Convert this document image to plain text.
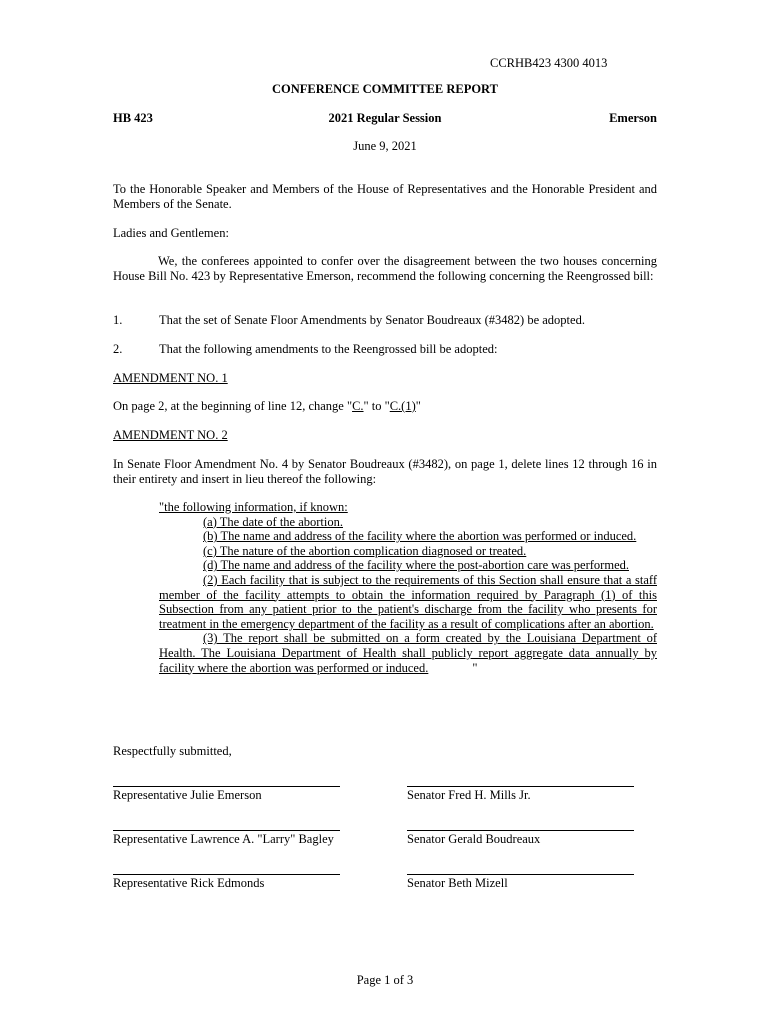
CCRHB423 4300 4013
CONFERENCE COMMITTEE REPORT
HB 423	2021 Regular Session	Emerson
June 9, 2021
To the Honorable Speaker and Members of the House of Representatives and the Honorable President and Members of the Senate.
Ladies and Gentlemen:
We, the conferees appointed to confer over the disagreement between the two houses concerning House Bill No. 423 by Representative Emerson, recommend the following concerning the Reengrossed bill:
1.	That the set of Senate Floor Amendments by Senator Boudreaux (#3482) be adopted.
2.	That the following amendments to the Reengrossed bill be adopted:
AMENDMENT NO. 1
On page 2, at the beginning of line 12, change "C." to "C.(1)"
AMENDMENT NO. 2
In Senate Floor Amendment No. 4 by Senator Boudreaux (#3482), on page 1, delete lines 12 through 16 in their entirety and insert in lieu thereof the following:
"the following information, if known:
(a) The date of the abortion.
(b) The name and address of the facility where the abortion was performed or induced.
(c) The nature of the abortion complication diagnosed or treated.
(d) The name and address of the facility where the post-abortion care was performed.
(2) Each facility that is subject to the requirements of this Section shall ensure that a staff member of the facility attempts to obtain the information required by Paragraph (1) of this Subsection from any patient prior to the patient's discharge from the facility who presents for treatment in the emergency department of the facility as a result of complications after an abortion.
(3) The report shall be submitted on a form created by the Louisiana Department of Health. The Louisiana Department of Health shall publicly report aggregate data annually by facility where the abortion was performed or induced.	"
Respectfully submitted,
Representative Julie Emerson	Senator Fred H. Mills Jr.
Representative Lawrence A. "Larry" Bagley	Senator Gerald Boudreaux
Representative Rick Edmonds	Senator Beth Mizell
Page 1 of 3
